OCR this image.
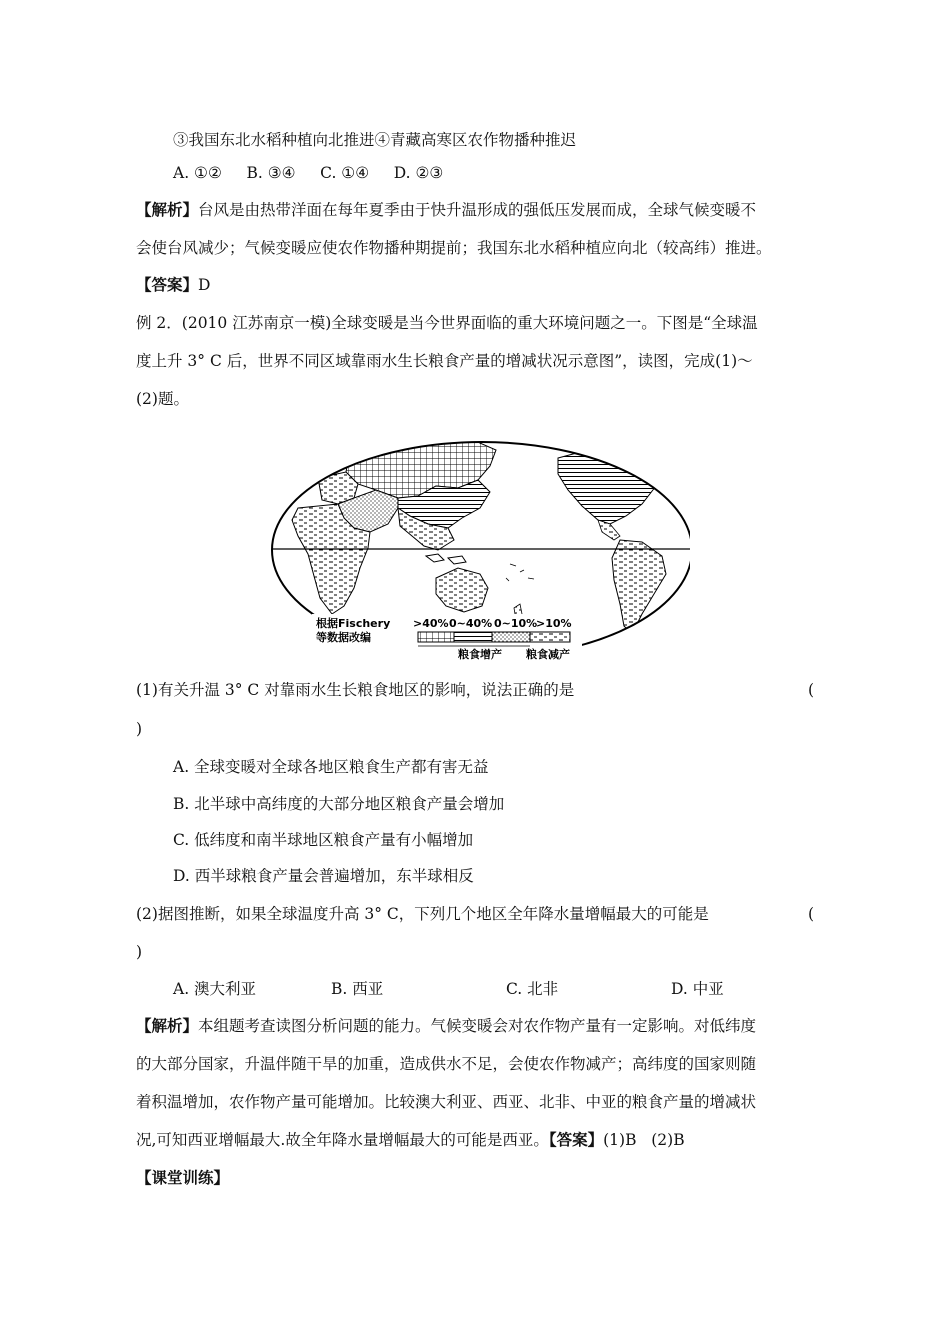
③我国东北水稻种植向北推进④青藏高寒区农作物播种推迟
A. ①②     B. ③④     C. ①④     D. ②③
【解析】台风是由热带洋面在每年夏季由于快升温形成的强低压发展而成，全球气候变暖不
会使台风减少；气候变暖应使农作物播种期提前；我国东北水稻种植应向北（较高纬）推进。
【答案】D
例 2．(2010 江苏南京一模)全球变暖是当今世界面临的重大环境问题之一。下图是“全球温
度上升 3° C 后，世界不同区域靠雨水生长粮食产量的增减状况示意图”，读图，完成(1)～
(2)题。
根据Fischery
等数据改编
>40% 0~40% 0~10%
>10%
粮食增产 粮食减产
(1)有关升温 3° C 对靠雨水生长粮食地区的影响，说法正确的是	(
)
A. 全球变暖对全球各地区粮食生产都有害无益
B. 北半球中高纬度的大部分地区粮食产量会增加
C. 低纬度和南半球地区粮食产量有小幅增加
D. 西半球粮食产量会普遍增加，东半球相反
(2)据图推断，如果全球温度升高 3° C，下列几个地区全年降水量增幅最大的可能是	(
)
A. 澳大利亚	B. 西亚	C. 北非	D. 中亚
【解析】本组题考查读图分析问题的能力。气候变暖会对农作物产量有一定影响。对低纬度
的大部分国家，升温伴随干旱的加重，造成供水不足，会使农作物减产；高纬度的国家则随
着积温增加，农作物产量可能增加。比较澳大利亚、西亚、北非、中亚的粮食产量的增减状
况,可知西亚增幅最大.故全年降水量增幅最大的可能是西亚。【答案】(1)B   (2)B
【课堂训练】
